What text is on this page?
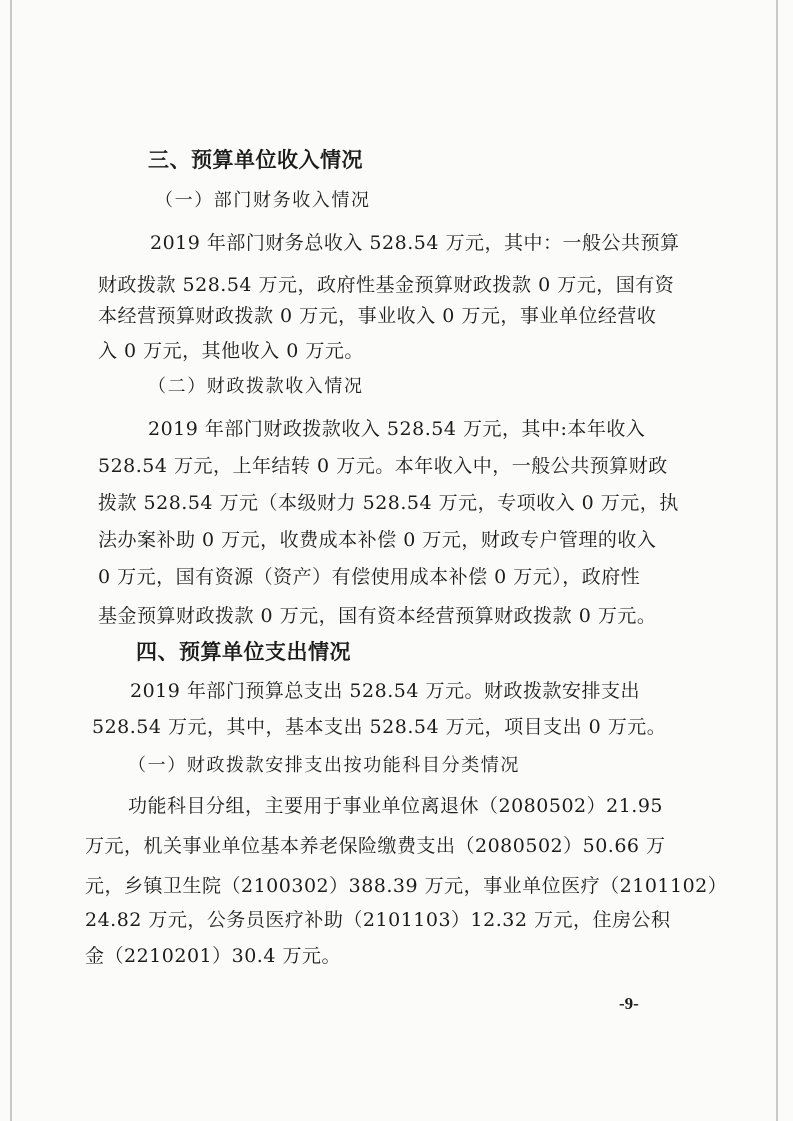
三、预算单位收入情况
（一）部门财务收入情况
2019 年部门财务总收入 528.54 万元，其中：一般公共预算
财政拨款 528.54 万元，政府性基金预算财政拨款 0 万元，国有资
本经营预算财政拨款 0 万元，事业收入 0 万元，事业单位经营收
入 0 万元，其他收入 0 万元。
（二）财政拨款收入情况
2019 年部门财政拨款收入 528.54 万元，其中:本年收入
528.54 万元，上年结转 0 万元。本年收入中，一般公共预算财政
拨款 528.54 万元（本级财力 528.54 万元，专项收入 0 万元，执
法办案补助 0 万元，收费成本补偿 0 万元，财政专户管理的收入
0 万元，国有资源（资产）有偿使用成本补偿 0 万元），政府性
基金预算财政拨款 0 万元，国有资本经营预算财政拨款 0 万元。
四、预算单位支出情况
2019 年部门预算总支出 528.54 万元。财政拨款安排支出
528.54 万元，其中，基本支出 528.54 万元，项目支出 0 万元。
（一）财政拨款安排支出按功能科目分类情况
功能科目分组，主要用于事业单位离退休（2080502）21.95
万元，机关事业单位基本养老保险缴费支出（2080502）50.66 万
元，乡镇卫生院（2100302）388.39 万元，事业单位医疗（2101102）
24.82 万元，公务员医疗补助（2101103）12.32 万元，住房公积
金（2210201）30.4 万元。
-9-
